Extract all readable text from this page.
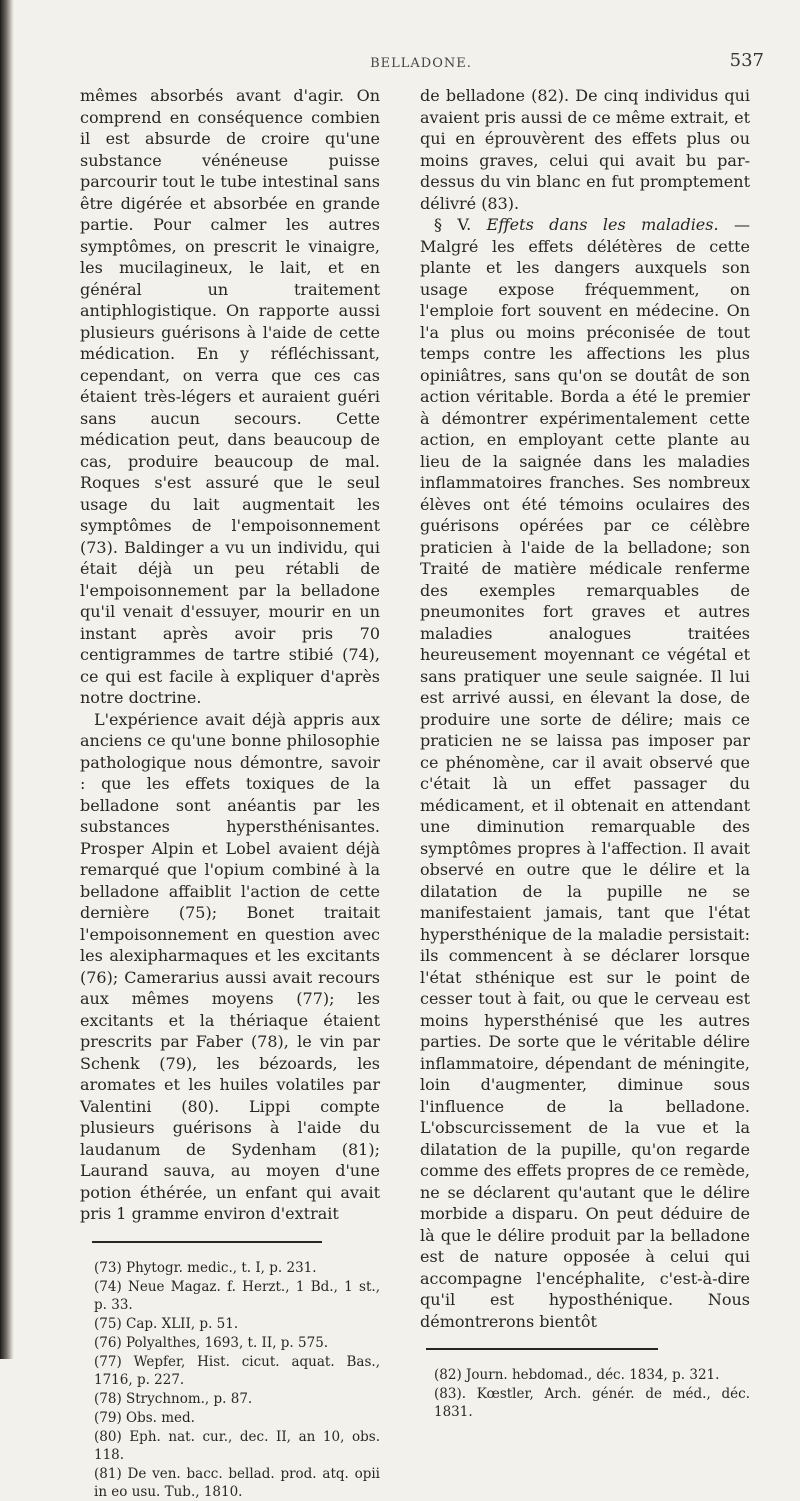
BELLADONE.	537

mêmes absorbés avant d'agir. On comprend en conséquence combien il est absurde de croire qu'une substance vénéneuse puisse parcourir tout le tube intestinal sans être digérée et absorbée en grande partie. Pour calmer les autres symptômes, on prescrit le vinaigre, les mucilagineux, le lait, et en général un traitement antiphlogistique. On rapporte aussi plusieurs guérisons à l'aide de cette médication. En y réfléchissant, cependant, on verra que ces cas étaient très-légers et auraient guéri sans aucun secours. Cette médication peut, dans beaucoup de cas, produire beaucoup de mal. Roques s'est assuré que le seul usage du lait augmentait les symptômes de l'empoisonnement (73). Baldinger a vu un individu, qui était déjà un peu rétabli de l'empoisonnement par la belladone qu'il venait d'essuyer, mourir en un instant après avoir pris 70 centigrammes de tartre stibié (74), ce qui est facile à expliquer d'après notre doctrine.

L'expérience avait déjà appris aux anciens ce qu'une bonne philosophie pathologique nous démontre, savoir : que les effets toxiques de la belladone sont anéantis par les substances hypersthénisantes. Prosper Alpin et Lobel avaient déjà remarqué que l'opium combiné à la belladone affaiblit l'action de cette dernière (75); Bonet traitait l'empoisonnement en question avec les alexipharmaques et les excitants (76); Camerarius aussi avait recours aux mêmes moyens (77); les excitants et la thériaque étaient prescrits par Faber (78), le vin par Schenk (79), les bézoards, les aromates et les huiles volatiles par Valentini (80). Lippi compte plusieurs guérisons à l'aide du laudanum de Sydenham (81); Laurand sauva, au moyen d'une potion éthérée, un enfant qui avait pris 1 gramme environ d'extrait

(73) Phytogr. medic., t. I, p. 231.
(74) Neue Magaz. f. Herzt., 1 Bd., 1 st., p. 33.
(75) Cap. XLII, p. 51.
(76) Polyalthes, 1693, t. II, p. 575.
(77) Wepfer, Hist. cicut. aquat. Bas., 1716, p. 227.
(78) Strychnom., p. 87.
(79) Obs. med.
(80) Eph. nat. cur., dec. II, an 10, obs. 118.
(81) De ven. bacc. bellad. prod. atq. opii in eo usu. Tub., 1810.

de belladone (82). De cinq individus qui avaient pris aussi de ce même extrait, et qui en éprouvèrent des effets plus ou moins graves, celui qui avait bu par-dessus du vin blanc en fut promptement délivré (83).

§ V. Effets dans les maladies. — Malgré les effets délétères de cette plante et les dangers auxquels son usage expose fréquemment, on l'emploie fort souvent en médecine. On l'a plus ou moins préconisée de tout temps contre les affections les plus opiniâtres, sans qu'on se doutât de son action véritable. Borda a été le premier à démontrer expérimentalement cette action, en employant cette plante au lieu de la saignée dans les maladies inflammatoires franches. Ses nombreux élèves ont été témoins oculaires des guérisons opérées par ce célèbre praticien à l'aide de la belladone; son Traité de matière médicale renferme des exemples remarquables de pneumonites fort graves et autres maladies analogues traitées heureusement moyennant ce végétal et sans pratiquer une seule saignée. Il lui est arrivé aussi, en élevant la dose, de produire une sorte de délire; mais ce praticien ne se laissa pas imposer par ce phénomène, car il avait observé que c'était là un effet passager du médicament, et il obtenait en attendant une diminution remarquable des symptômes propres à l'affection. Il avait observé en outre que le délire et la dilatation de la pupille ne se manifestaient jamais, tant que l'état hypersthénique de la maladie persistait: ils commencent à se déclarer lorsque l'état sthénique est sur le point de cesser tout à fait, ou que le cerveau est moins hypersthénisé que les autres parties. De sorte que le véritable délire inflammatoire, dépendant de méningite, loin d'augmenter, diminue sous l'influence de la belladone. L'obscurcissement de la vue et la dilatation de la pupille, qu'on regarde comme des effets propres de ce remède, ne se déclarent qu'autant que le délire morbide a disparu. On peut déduire de là que le délire produit par la belladone est de nature opposée à celui qui accompagne l'encéphalite, c'est-à-dire qu'il est hyposthénique. Nous démontrerons bientôt

(82) Journ. hebdomad., déc. 1834, p. 321.
(83). Kœstler, Arch. génér. de méd., déc. 1831.
